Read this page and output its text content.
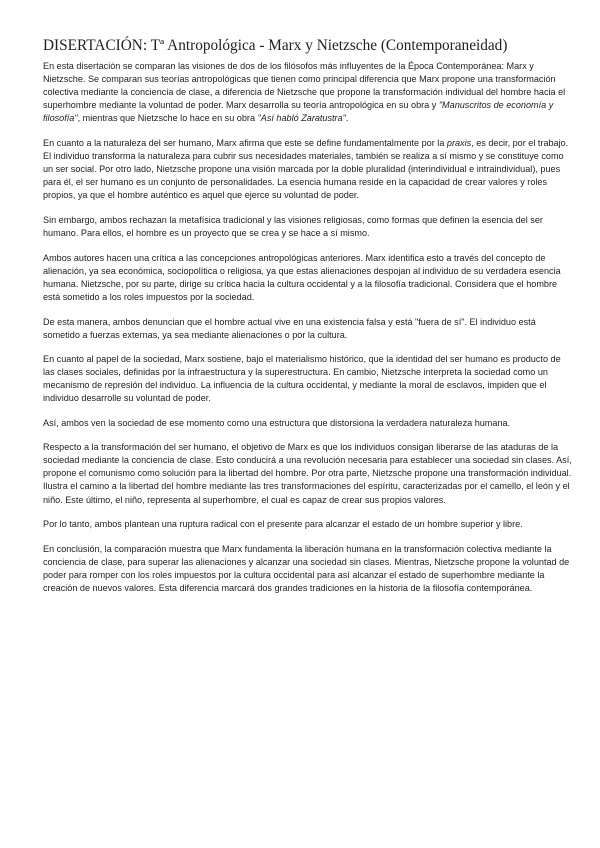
DISERTACIÓN: Tª Antropológica - Marx y Nietzsche (Contemporaneidad)

En esta disertación se comparan las visiones de dos de los filósofos más influyentes de la Época Contemporánea: Marx y Nietzsche. Se comparan sus teorías antropológicas que tienen como principal diferencia que Marx propone una transformación colectiva mediante la conciencia de clase, a diferencia de Nietzsche que propone la transformación individual del hombre hacia el superhombre mediante la voluntad de poder. Marx desarrolla su teoría antropológica en su obra y "Manuscritos de economía y filosofía", mientras que Nietzsche lo hace en su obra "Así habló Zaratustra".

En cuanto a la naturaleza del ser humano, Marx afirma que este se define fundamentalmente por la praxis, es decir, por el trabajo. El individuo transforma la naturaleza para cubrir sus necesidades materiales, también se realiza a sí mismo y se constituye como un ser social. Por otro lado, Nietzsche propone una visión marcada por la doble pluralidad (interindividual e intraindividual), pues para él, el ser humano es un conjunto de personalidades. La esencia humana reside en la capacidad de crear valores y roles propios, ya que el hombre auténtico es aquel que ejerce su voluntad de poder.

Sin embargo, ambos rechazan la metafísica tradicional y las visiones religiosas, como formas que definen la esencia del ser humano. Para ellos, el hombre es un proyecto que se crea y se hace a sí mismo.

Ambos autores hacen una crítica a las concepciones antropológicas anteriores. Marx identifica esto a través del concepto de alienación, ya sea económica, sociopolítica o religiosa, ya que estas alienaciones despojan al individuo de su verdadera esencia humana. Nietzsche, por su parte, dirige su crítica hacia la cultura occidental y a la filosofía tradicional. Considera que el hombre está sometido a los roles impuestos por la sociedad.

De esta manera, ambos denuncian que el hombre actual vive en una existencia falsa y está "fuera de sí". El individuo está sometido a fuerzas externas, ya sea mediante alienaciones o por la cultura.

En cuanto al papel de la sociedad, Marx sostiene, bajo el materialismo histórico, que la identidad del ser humano es producto de las clases sociales, definidas por la infraestructura y la superestructura. En cambio, Nietzsche interpreta la sociedad como un mecanismo de represión del individuo. La influencia de la cultura occidental, y mediante la moral de esclavos, impiden que el individuo desarrolle su voluntad de poder.

Así, ambos ven la sociedad de ese momento como una estructura que distorsiona la verdadera naturaleza humana.

Respecto a la transformación del ser humano, el objetivo de Marx es que los individuos consigan liberarse de las ataduras de la sociedad mediante la conciencia de clase. Esto conducirá a una revolución necesaria para establecer una sociedad sin clases. Así, propone el comunismo como solución para la libertad del hombre. Por otra parte, Nietzsche propone una transformación individual. Ilustra el camino a la libertad del hombre mediante las tres transformaciones del espíritu, caracterizadas por el camello, el león y el niño. Este último, el niño, representa al superhombre, el cual es capaz de crear sus propios valores.

Por lo tanto, ambos plantean una ruptura radical con el presente para alcanzar el estado de un hombre superior y libre.

En conclusión, la comparación muestra que Marx fundamenta la liberación humana en la transformación colectiva mediante la conciencia de clase, para superar las alienaciones y alcanzar una sociedad sin clases. Mientras, Nietzsche propone la voluntad de poder para romper con los roles impuestos por la cultura occidental para así alcanzar el estado de superhombre mediante la creación de nuevos valores. Esta diferencia marcará dos grandes tradiciones en la historia de la filosofía contemporánea.
